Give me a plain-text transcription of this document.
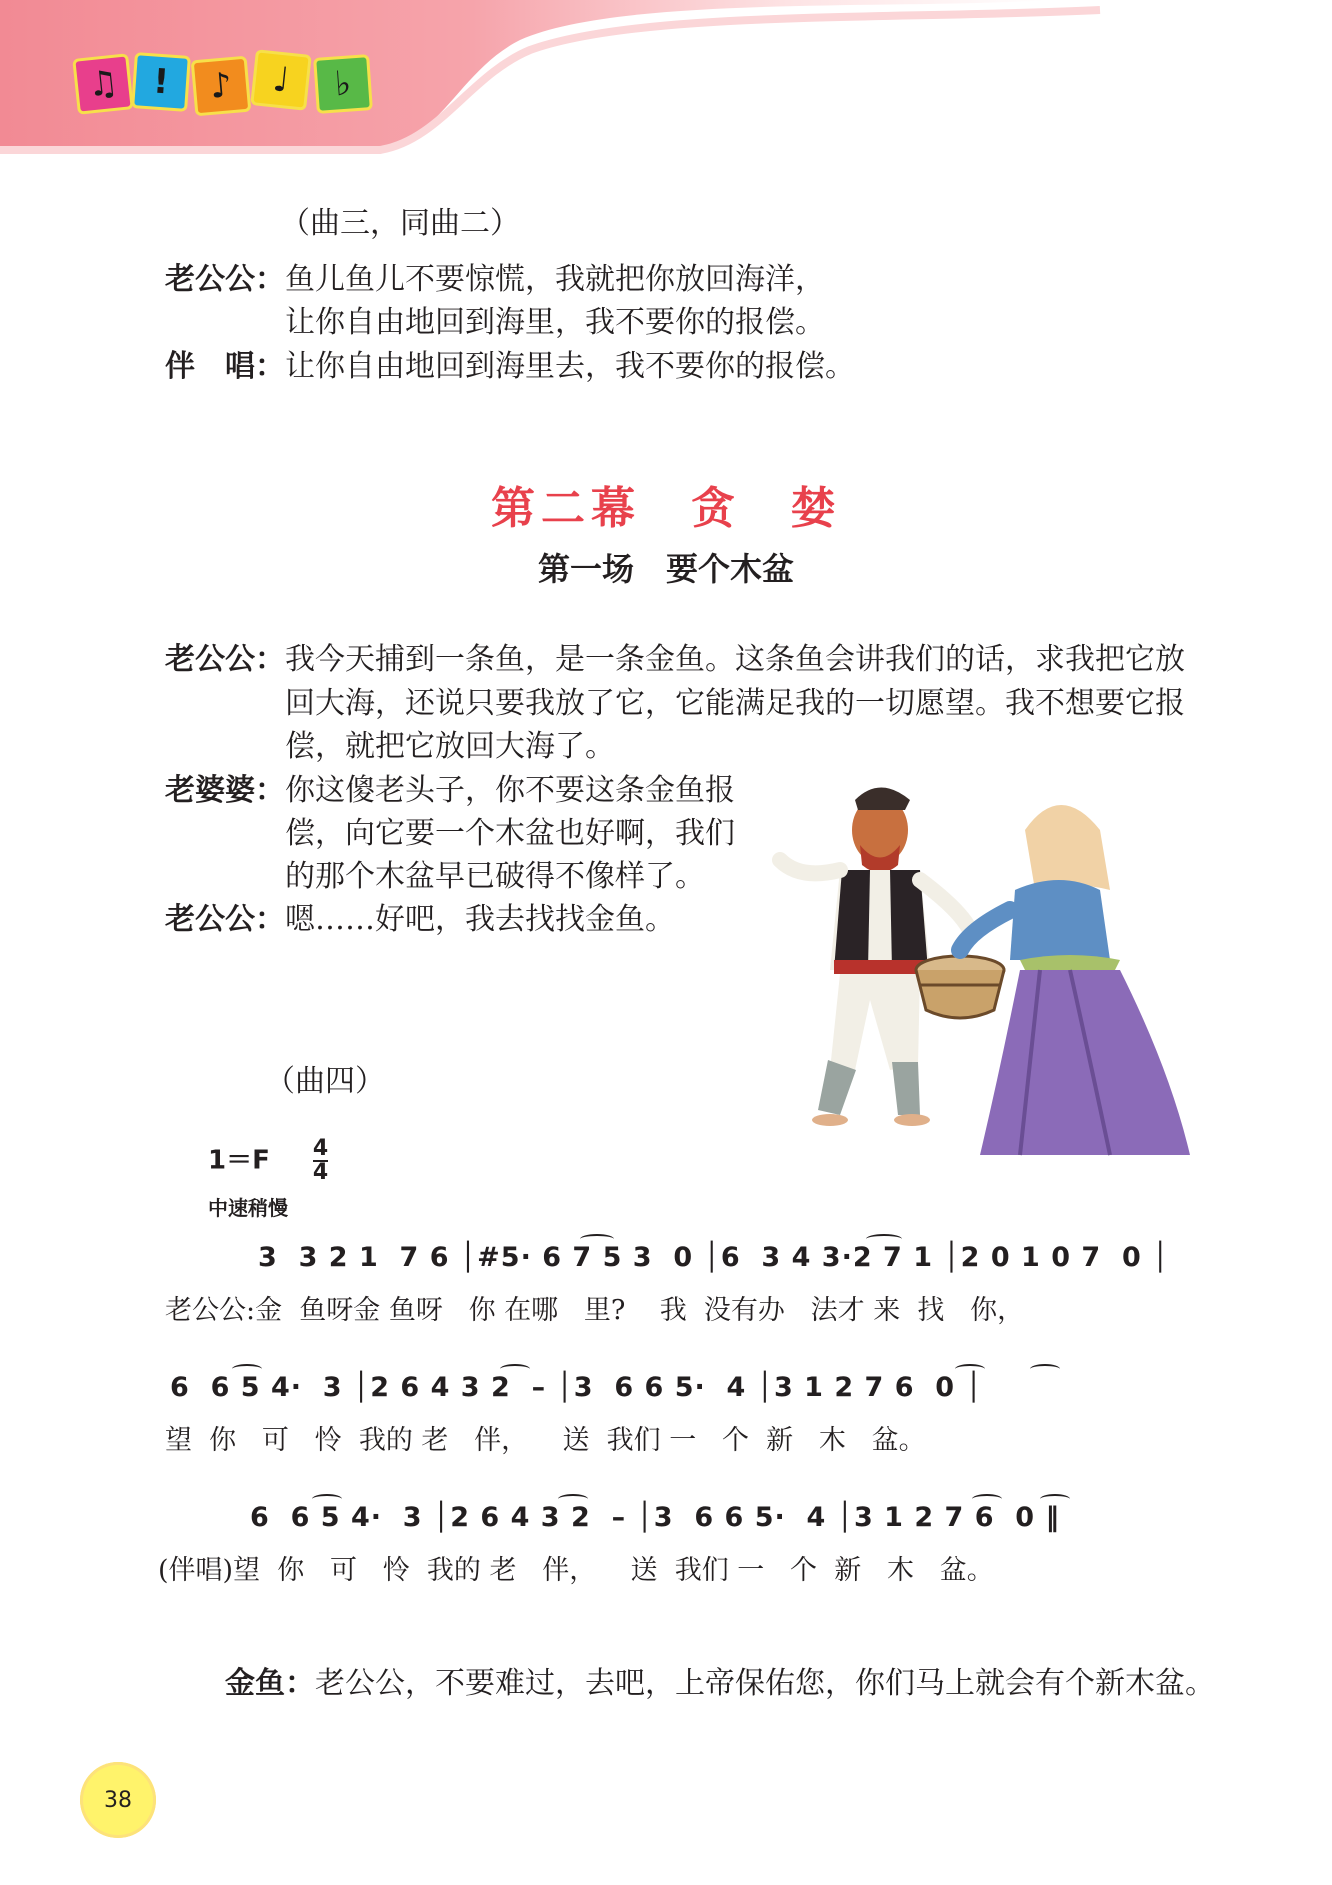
♫ !	♪	♩	♭
（曲三，同曲二）
老公公：鱼儿鱼儿不要惊慌，我就把你放回海洋，
让你自由地回到海里，我不要你的报偿。
伴　唱：让你自由地回到海里去，我不要你的报偿。
第二幕　贪　婪
第一场　要个木盆
老公公：我今天捕到一条鱼，是一条金鱼。这条鱼会讲我们的话，求我把它放
回大海，还说只要我放了它，它能满足我的一切愿望。我不想要它报
偿，就把它放回大海了。
老婆婆：你这傻老头子，你不要这条金鱼报
偿，向它要一个木盆也好啊，我们
的那个木盆早已破得不像样了。
老公公：嗯……好吧，我去找找金鱼。
（曲四）
$1=F \frac{4}{4}$
中速稍慢
3  3 2 1  7 6 │#5· 6 7 5 3  0 │6  3 4 3·2 7 1 │2 0 1 0 7  0 │
老公公:金  鱼呀金 鱼呀   你 在哪   里?    我  没有办   法才 来  找   你，
6  6 5 4·  3 │2 6 4 3 2  – │3  6 6 5·  4 │3 1 2 7 6  0 │
望  你   可   怜  我的 老   伴，    送  我们 一   个  新   木   盆。
6  6 5 4·  3 │2 6 4 3 2  – │3  6 6 5·  4 │3 1 2 7 6  0 ‖
(伴唱)望  你   可   怜  我的 老   伴，    送  我们 一   个  新   木   盆。
金鱼：老公公，不要难过，去吧，上帝保佑您，你们马上就会有个新木盆。
38
